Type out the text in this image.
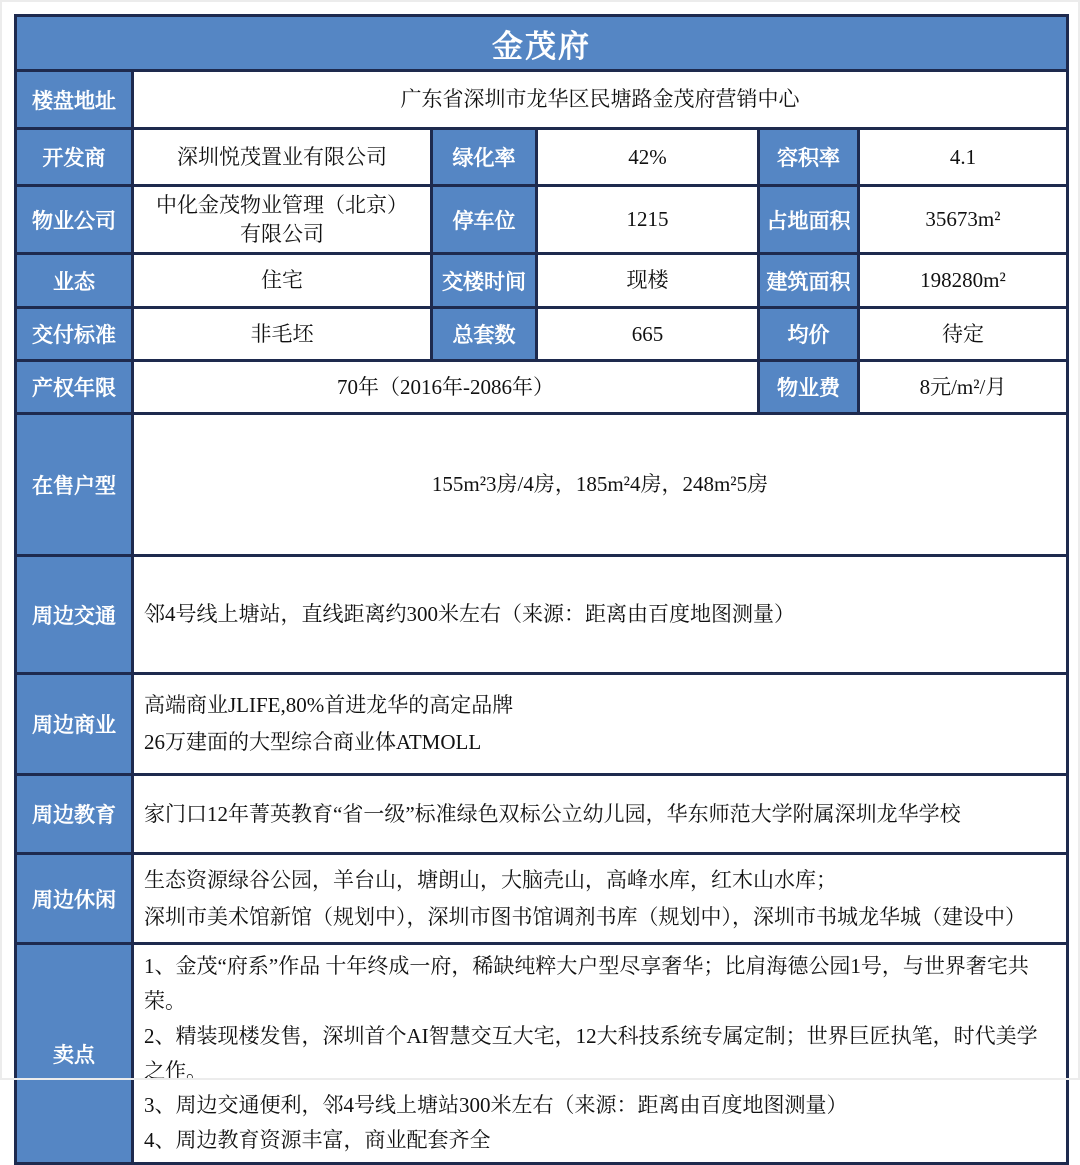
金茂府					
楼盘地址	广东省深圳市龙华区民塘路金茂府营销中心				
开发商	深圳悦茂置业有限公司	绿化率	42%	容积率	4.1
物业公司	中化金茂物业管理（北京）有限公司	停车位	1215	占地面积	35673m²
业态	住宅	交楼时间	现楼	建筑面积	198280m²
交付标准	非毛坯	总套数	665	均价	待定
产权年限	70年（2016年-2086年）			物业费	8元/m²/月
在售户型	155m²3房/4房，185m²4房，248m²5房				
周边交通	邻4号线上塘站，直线距离约300米左右（来源：距离由百度地图测量）				
周边商业	高端商业JLIFE,80%首进龙华的高定品牌

26万建面的大型综合商业体ATMOLL				

周边教育	家门口12年菁英教育“省一级”标准绿色双标公立幼儿园，华东师范大学附属深圳龙华学校				
周边休闲	生态资源绿谷公园，羊台山，塘朗山，大脑壳山，高峰水库，红木山水库；

深圳市美术馆新馆（规划中），深圳市图书馆调剂书库（规划中），深圳市书城龙华城（建设中）				

卖点	1、金茂“府系”作品 十年终成一府，稀缺纯粹大户型尽享奢华；比肩海德公园1号，与世界奢宅共荣。

2、精装现楼发售，深圳首个AI智慧交互大宅，12大科技系统专属定制；世界巨匠执笔，时代美学之作。

3、周边交通便利，邻4号线上塘站300米左右（来源：距离由百度地图测量）

4、周边教育资源丰富，商业配套齐全				
